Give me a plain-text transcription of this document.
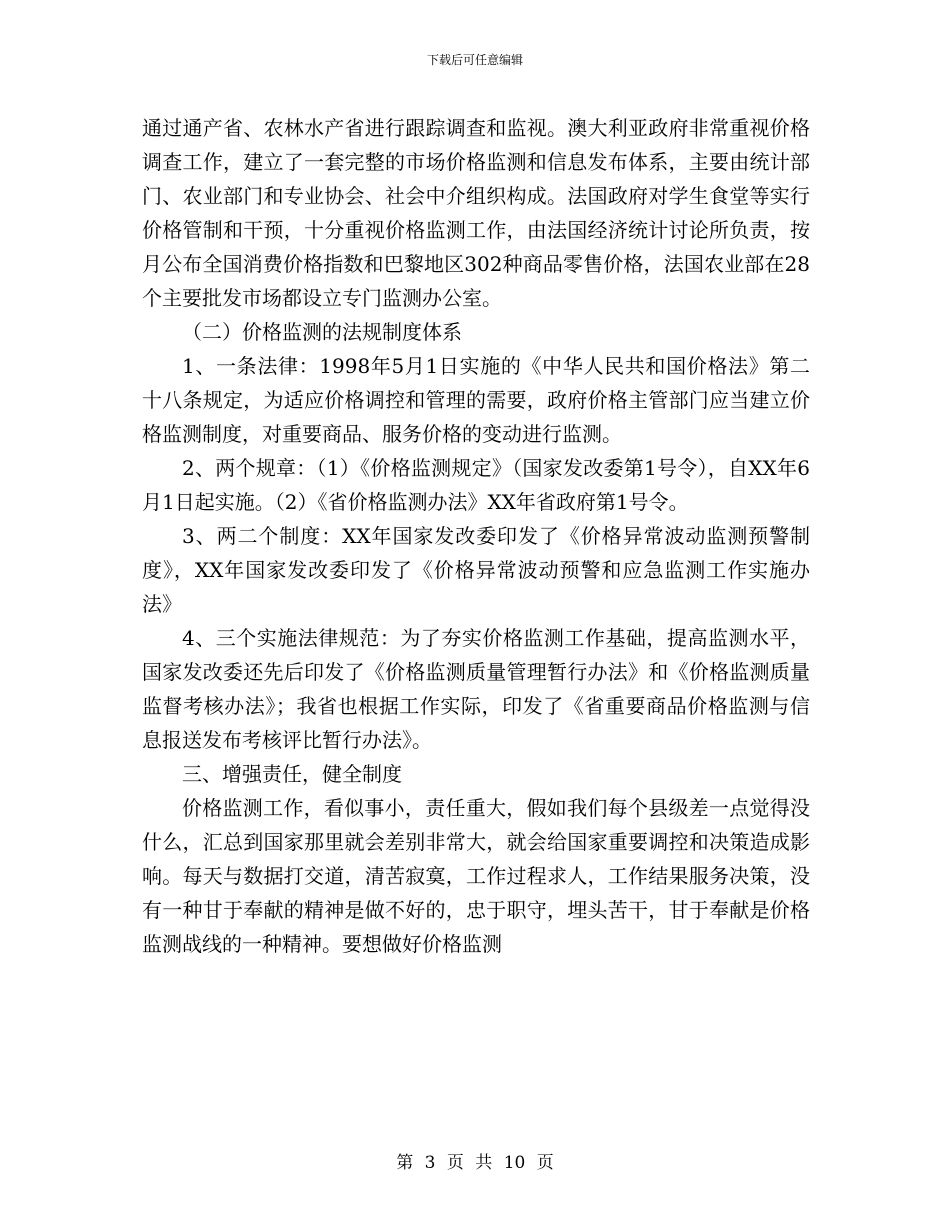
下载后可任意编辑

通过通产省、农林水产省进行跟踪调查和监视。澳大利亚政府非常重视价格调查工作，建立了一套完整的市场价格监测和信息发布体系，主要由统计部门、农业部门和专业协会、社会中介组织构成。法国政府对学生食堂等实行价格管制和干预，十分重视价格监测工作，由法国经济统计讨论所负责，按月公布全国消费价格指数和巴黎地区302种商品零售价格，法国农业部在28个主要批发市场都设立专门监测办公室。

（二）价格监测的法规制度体系

1、一条法律：1998年5月1日实施的《中华人民共和国价格法》第二十八条规定，为适应价格调控和管理的需要，政府价格主管部门应当建立价格监测制度，对重要商品、服务价格的变动进行监测。

2、两个规章：（1）《价格监测规定》（国家发改委第1号令），自XX年6月1日起实施。（2）《省价格监测办法》XX年省政府第1号令。

3、两二个制度：XX年国家发改委印发了《价格异常波动监测预警制度》，XX年国家发改委印发了《价格异常波动预警和应急监测工作实施办法》

4、三个实施法律规范：为了夯实价格监测工作基础，提高监测水平，国家发改委还先后印发了《价格监测质量管理暂行办法》和《价格监测质量监督考核办法》；我省也根据工作实际，印发了《省重要商品价格监测与信息报送发布考核评比暂行办法》。

三、增强责任，健全制度

价格监测工作，看似事小，责任重大，假如我们每个县级差一点觉得没什么，汇总到国家那里就会差别非常大，就会给国家重要调控和决策造成影响。每天与数据打交道，清苦寂寞，工作过程求人，工作结果服务决策，没有一种甘于奉献的精神是做不好的，忠于职守，埋头苦干，甘于奉献是价格监测战线的一种精神。要想做好价格监测

第 3 页 共 10 页
